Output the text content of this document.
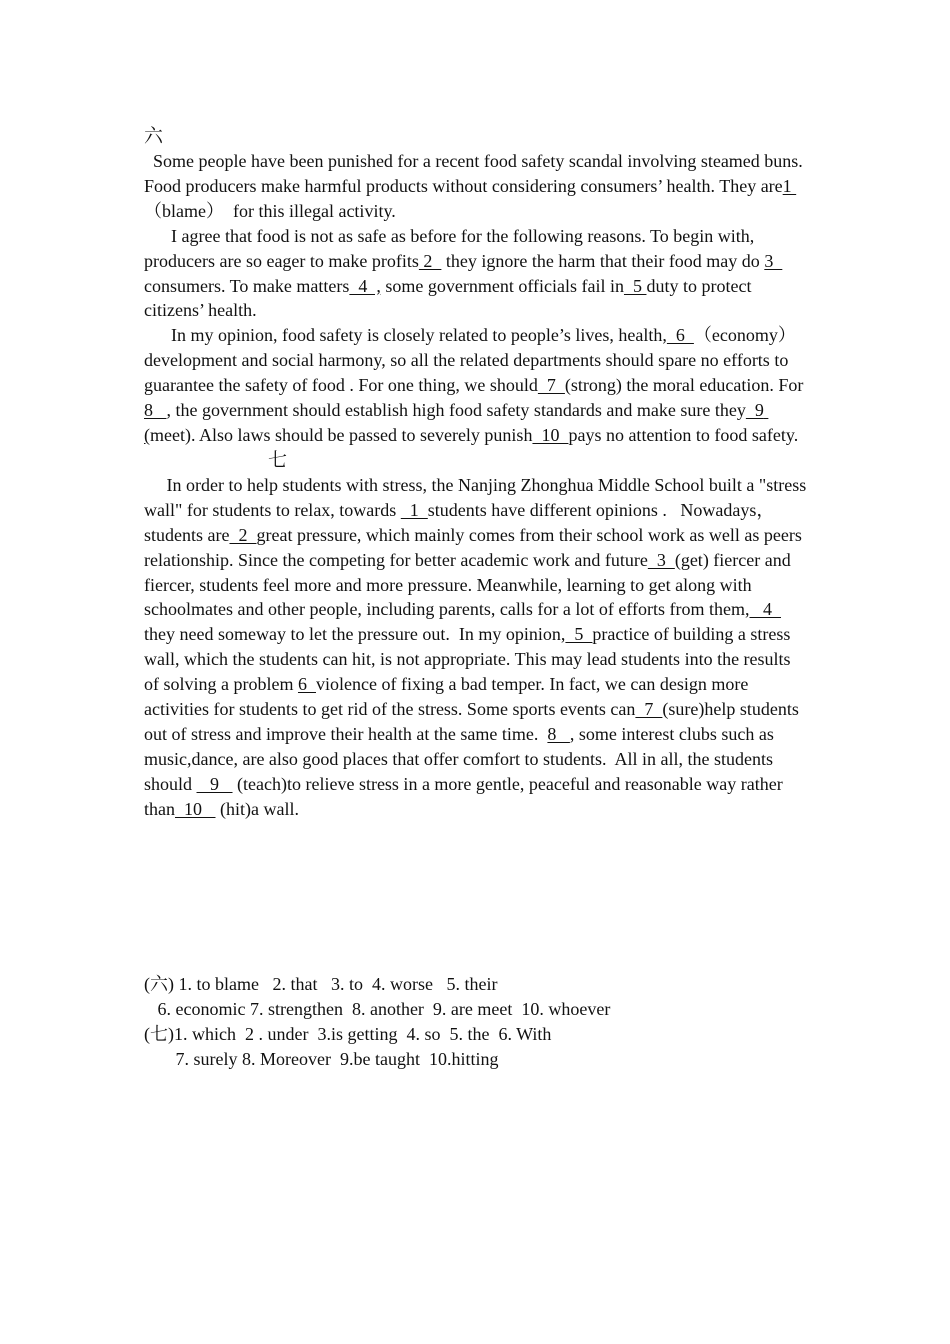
六

Some people have been punished for a recent food safety scandal involving steamed buns. Food producers make harmful products without considering consumers’ health. They are1 （blame）  for this illegal activity.

I agree that food is not as safe as before for the following reasons. To begin with, producers are so eager to make profits 2   they ignore the harm that their food may do 3  consumers. To make matters  4  , some government officials fail in  5 duty to protect citizens’ health.

In my opinion, food safety is closely related to people’s lives, health,  6  （economy）development and social harmony, so all the related departments should spare no efforts to guarantee the safety of food . For one thing, we should  7  (strong) the moral education. For 8   , the government should establish high food safety standards and make sure they  9 (meet). Also laws should be passed to severely punish  10  pays no attention to food safety.

七

In order to help students with stress, the Nanjing Zhonghua Middle School built a "stress wall" for students to relax, towards   1  students have different opinions .   Nowadays，  students are  2  great pressure, which mainly comes from their school work as well as peers relationship. Since the competing for better academic work and future  3  (get) fiercer and fiercer, students feel more and more pressure. Meanwhile, learning to get along with schoolmates and other people, including parents, calls for a lot of efforts from them,   4  they need someway to let the pressure out.  In my opinion,  5  practice of building a stress wall, which the students can hit, is not appropriate. This may lead students into the results of solving a problem 6  violence of fixing a bad temper. In fact, we can design more activities for students to get rid of the stress. Some sports events can  7  (sure)help students out of stress and improve their health at the same time.  8   , some interest clubs such as music,dance, are also good places that offer comfort to students.  All in all, the students should    9    (teach)to relieve stress in a more gentle, peaceful and reasonable way rather than  10    (hit)a wall.

(六) 1. to blame   2. that   3. to  4. worse   5. their
6. economic 7. strengthen  8. another  9. are meet  10. whoever
(七)1. which  2 . under  3.is getting  4. so  5. the  6. With
7. surely 8. Moreover  9.be taught  10.hitting
